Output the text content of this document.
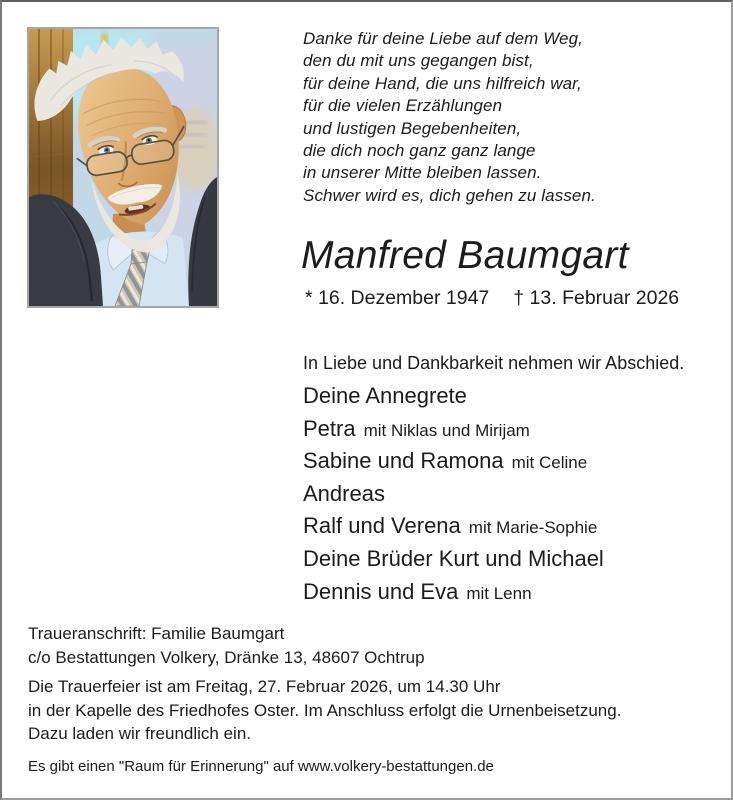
Danke für deine Liebe auf dem Weg,

den du mit uns gegangen bist,

für deine Hand, die uns hilfreich war,

für die vielen Erzählungen

und lustigen Begebenheiten,

die dich noch ganz ganz lange

in unserer Mitte bleiben lassen.

Schwer wird es, dich gehen zu lassen.

Manfred Baumgart
* 16. Dezember 1947 † 13. Februar 2026
In Liebe und Dankbarkeit nehmen wir Abschied.
Deine Annegrete
Petra mit Niklas und Mirijam
Sabine und Ramona mit Celine
Andreas
Ralf und Verena mit Marie-Sophie
Deine Brüder Kurt und Michael
Dennis und Eva mit Lenn

Traueranschrift: Familie Baumgart

c/o Bestattungen Volkery, Dränke 13, 48607 Ochtrup

Die Trauerfeier ist am Freitag, 27. Februar 2026, um 14.30 Uhr

in der Kapelle des Friedhofes Oster. Im Anschluss erfolgt die Urnenbeisetzung.

Dazu laden wir freundlich ein.

Es gibt einen "Raum für Erinnerung" auf www.volkery-bestattungen.de
